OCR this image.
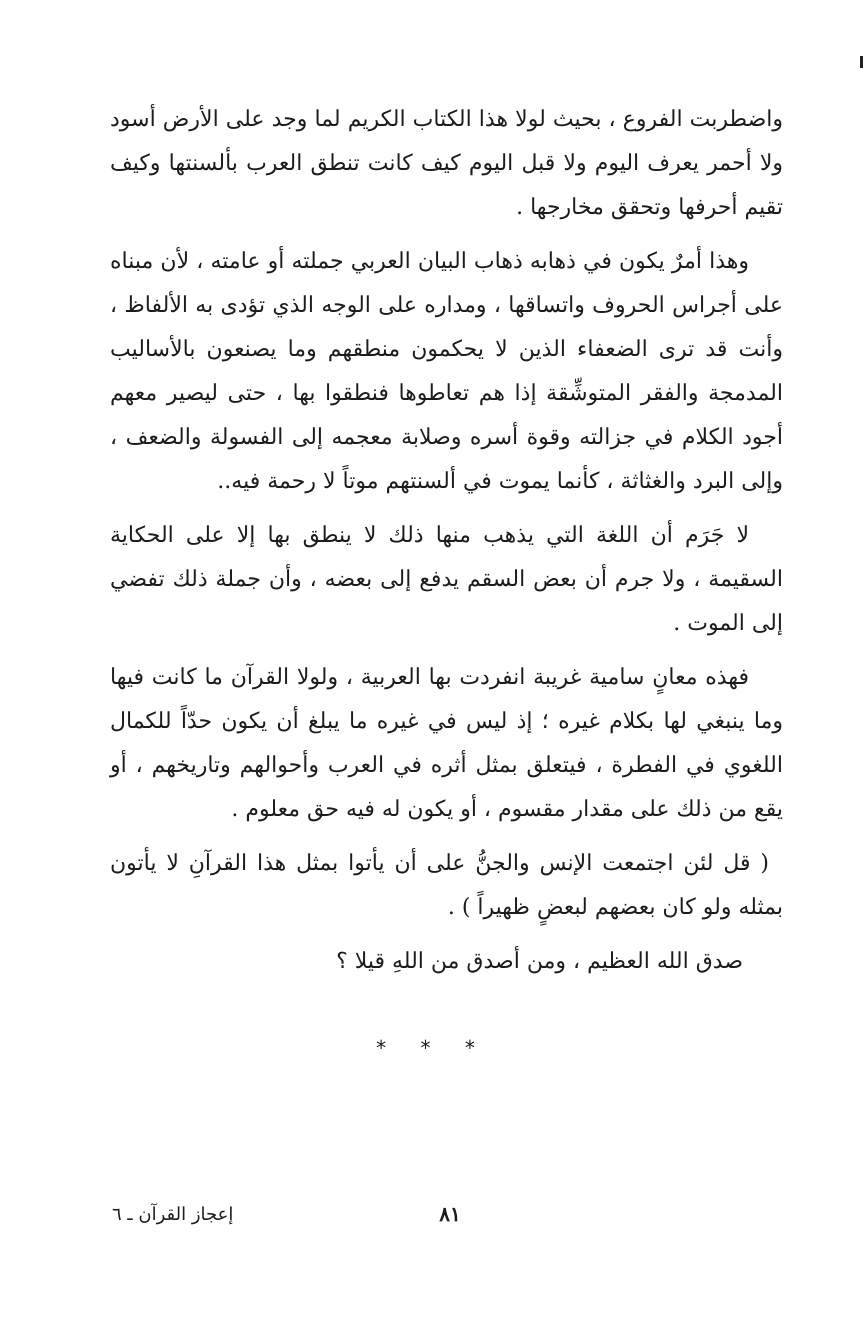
واضطربت الفروع ، بحيث لولا هذا الكتاب الكريم لما وجد على الأرض أسود ولا أحمر يعرف اليوم ولا قبل اليوم كيف كانت تنطق العرب بألسنتها وكيف تقيم أحرفها وتحقق مخارجها .

وهذا أمرٌ يكون في ذهابه ذهاب البيان العربي جملته أو عامته ، لأن مبناه على أجراس الحروف واتساقها ، ومداره على الوجه الذي تؤدى به الألفاظ ، وأنت قد ترى الضعفاء الذين لا يحكمون منطقهم وما يصنعون بالأساليب المدمجة والفقر المتوشِّقة إذا هم تعاطوها فنطقوا بها ، حتى ليصير معهم أجود الكلام في جزالته وقوة أسره وصلابة معجمه إلى الفسولة والضعف ، وإلى البرد والغثاثة ، كأنما يموت في ألسنتهم موتاً لا رحمة فيه..

لا جَرَم أن اللغة التي يذهب منها ذلك لا ينطق بها إلا على الحكاية السقيمة ، ولا جرم أن بعض السقم يدفع إلى بعضه ، وأن جملة ذلك تفضي إلى الموت .

فهذه معانٍ سامية غريبة انفردت بها العربية ، ولولا القرآن ما كانت فيها وما ينبغي لها بكلام غيره ؛ إذ ليس في غيره ما يبلغ أن يكون حدّاً للكمال اللغوي في الفطرة ، فيتعلق بمثل أثره في العرب وأحوالهم وتاريخهم ، أو يقع من ذلك على مقدار مقسوم ، أو يكون له فيه حق معلوم .

( قل لئن اجتمعت الإنس والجنُّ على أن يأتوا بمثل هذا القرآنِ لا يأتون بمثله ولو كان بعضهم لبعضٍ ظهيراً ) .

صدق الله العظيم ، ومن أصدق من اللهِ قيلا ؟

* * *
٨١
إعجاز القرآن ـ ٦
